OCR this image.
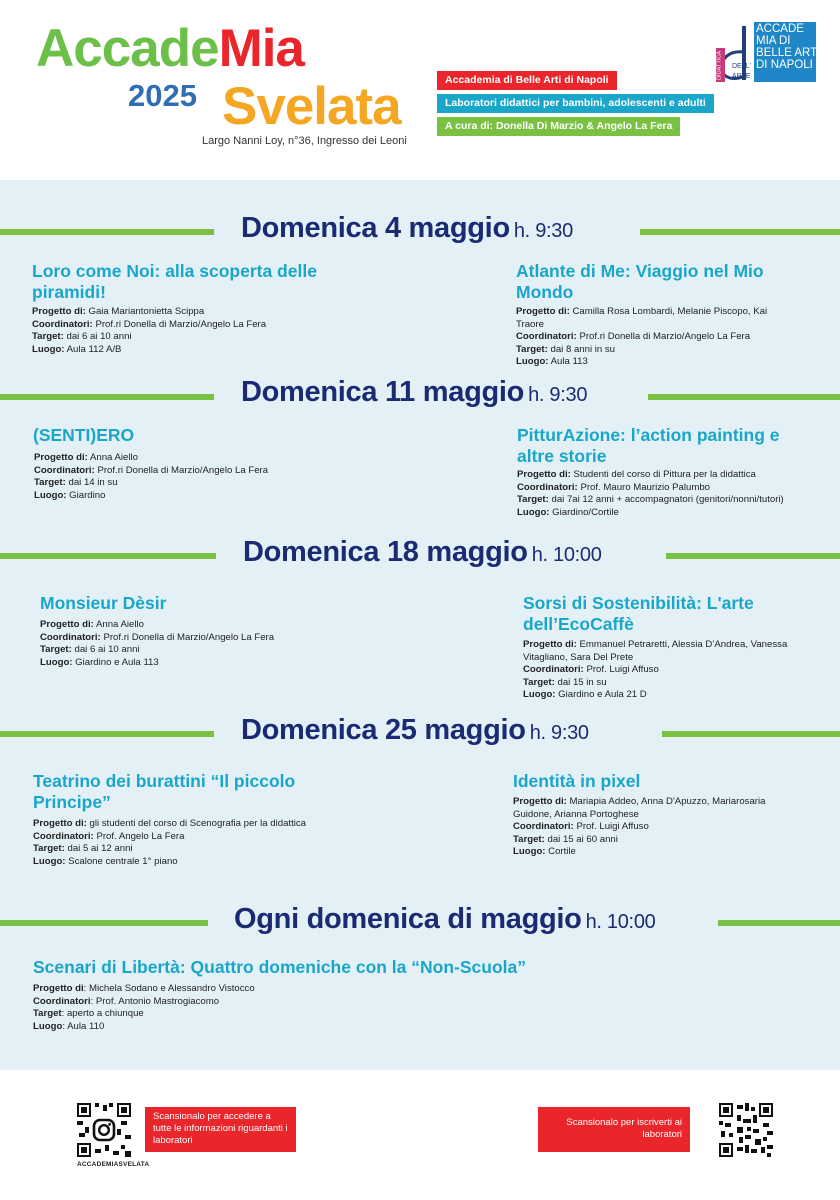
AccadeMia
2025 Svelata
Largo Nanni Loy, n°36, Ingresso dei Leoni
Accademia di Belle Arti di Napoli
Laboratori didattici per bambini, adolescenti e adulti
A cura di: Donella Di Marzio & Angelo La Fera
DIDATTICA DELL'
ARTE
ACCADE
MIA DI
BELLE ARTI
DI NAPOLI
Domenica 4 maggio h. 9:30
Loro come Noi: alla scoperta delle piramidi!
Progetto di: Gaia Mariantonietta Scippa
Coordinatori: Prof.ri Donella di Marzio/Angelo La Fera
Target: dai 6 ai 10 anni
Luogo: Aula 112 A/B
Atlante di Me: Viaggio nel Mio Mondo
Progetto di: Camilla Rosa Lombardi, Melanie Piscopo, Kai Traore
Coordinatori: Prof.ri Donella di Marzio/Angelo La Fera
Target: dai 8 anni in su
Luogo: Aula 113
Domenica 11 maggio h. 9:30
(SENTI)ERO
Progetto di: Anna Aiello
Coordinatori: Prof.ri Donella di Marzio/Angelo La Fera
Target: dai 14 in su
Luogo: Giardino
PitturAzione: l’action painting e altre storie
Progetto di: Studenti del corso di Pittura per la didattica
Coordinatori: Prof. Mauro Maurizio Palumbo
Target: dai 7ai 12 anni + accompagnatori (genitori/nonni/tutori)
Luogo: Giardino/Cortile
Domenica 18 maggio h. 10:00
Monsieur Dèsir
Progetto di: Anna Aiello
Coordinatori: Prof.ri Donella di Marzio/Angelo La Fera
Target: dai 6 ai 10 anni
Luogo: Giardino e Aula 113
Sorsi di Sostenibilità: L'arte dell’EcoCaffè
Progetto di: Emmanuel Petraretti, Alessia D’Andrea, Vanessa Vitagliano, Sara Del Prete
Coordinatori: Prof. Luigi Affuso
Target: dai 15 in su
Luogo: Giardino e Aula 21 D
Domenica 25 maggio h. 9:30
Teatrino dei burattini “Il piccolo Principe”
Progetto di: gli studenti del corso di Scenografia per la didattica
Coordinatori: Prof. Angelo La Fera
Target: dai 5 ai 12 anni
Luogo: Scalone centrale 1° piano
Identità in pixel
Progetto di: Mariapia Addeo, Anna D'Apuzzo, Mariarosaria Guidone, Arianna Portoghese
Coordinatori: Prof. Luigi Affuso
Target: dai 15 ai 60 anni
Luogo: Cortile
Ogni domenica di maggio h. 10:00
Scenari di Libertà: Quattro domeniche con la “Non-Scuola”
Progetto di: Michela Sodano e Alessandro Vistocco
Coordinatori: Prof. Antonio Mastrogiacomo
Target: aperto a chiunque
Luogo: Aula 110
ACCADEMIASVELATA
Scansionalo per accedere a tutte le informazioni riguardanti i laboratori
Scansionalo per iscriverti ai laboratori
